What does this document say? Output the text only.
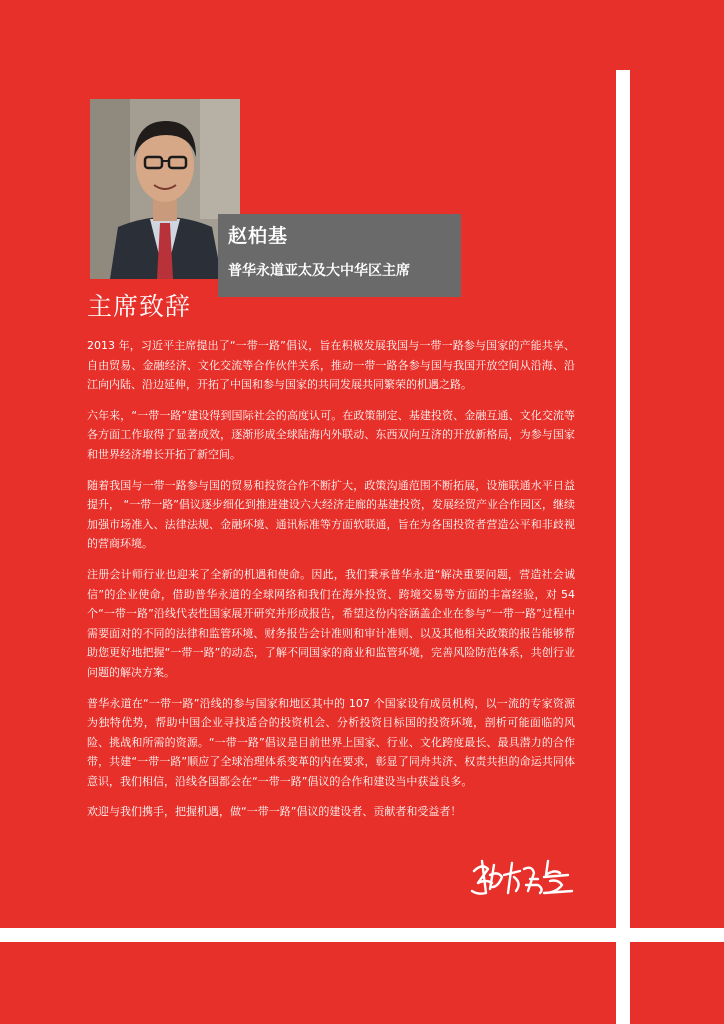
赵柏基
普华永道亚太及大中华区主席
主席致辞

2013 年，习近平主席提出了“一带一路”倡议，旨在积极发展我国与一带一路参与国家的产能共享、自由贸易、金融经济、文化交流等合作伙伴关系，推动一带一路各参与国与我国开放空间从沿海、沿江向内陆、沿边延伸，开拓了中国和参与国家的共同发展共同繁荣的机遇之路。

六年来，“一带一路”建设得到国际社会的高度认可。在政策制定、基建投资、金融互通、文化交流等各方面工作取得了显著成效，逐渐形成全球陆海内外联动、东西双向互济的开放新格局，为参与国家和世界经济增长开拓了新空间。

随着我国与一带一路参与国的贸易和投资合作不断扩大，政策沟通范围不断拓展，设施联通水平日益提升， “一带一路”倡议逐步细化到推进建设六大经济走廊的基建投资，发展经贸产业合作园区，继续加强市场准入、法律法规、金融环境、通讯标准等方面软联通，旨在为各国投资者营造公平和非歧视的营商环境。

注册会计师行业也迎来了全新的机遇和使命。因此，我们秉承普华永道“解决重要问题，营造社会诚信”的企业使命，借助普华永道的全球网络和我们在海外投资、跨境交易等方面的丰富经验，对 54 个“一带一路”沿线代表性国家展开研究并形成报告，希望这份内容涵盖企业在参与“一带一路”过程中需要面对的不同的法律和监管环境、财务报告会计准则和审计准则、以及其他相关政策的报告能够帮助您更好地把握“一带一路”的动态，了解不同国家的商业和监管环境，完善风险防范体系，共创行业问题的解决方案。

普华永道在“一带一路”沿线的参与国家和地区其中的 107 个国家设有成员机构，以一流的专家资源为独特优势，帮助中国企业寻找适合的投资机会、分析投资目标国的投资环境，剖析可能面临的风险、挑战和所需的资源。“一带一路”倡议是目前世界上国家、行业、文化跨度最长、最具潜力的合作带，共建“一带一路”顺应了全球治理体系变革的内在要求，彰显了同舟共济、权责共担的命运共同体意识，我们相信，沿线各国都会在“一带一路”倡议的合作和建设当中获益良多。

欢迎与我们携手，把握机遇，做“一带一路”倡议的建设者、贡献者和受益者！
